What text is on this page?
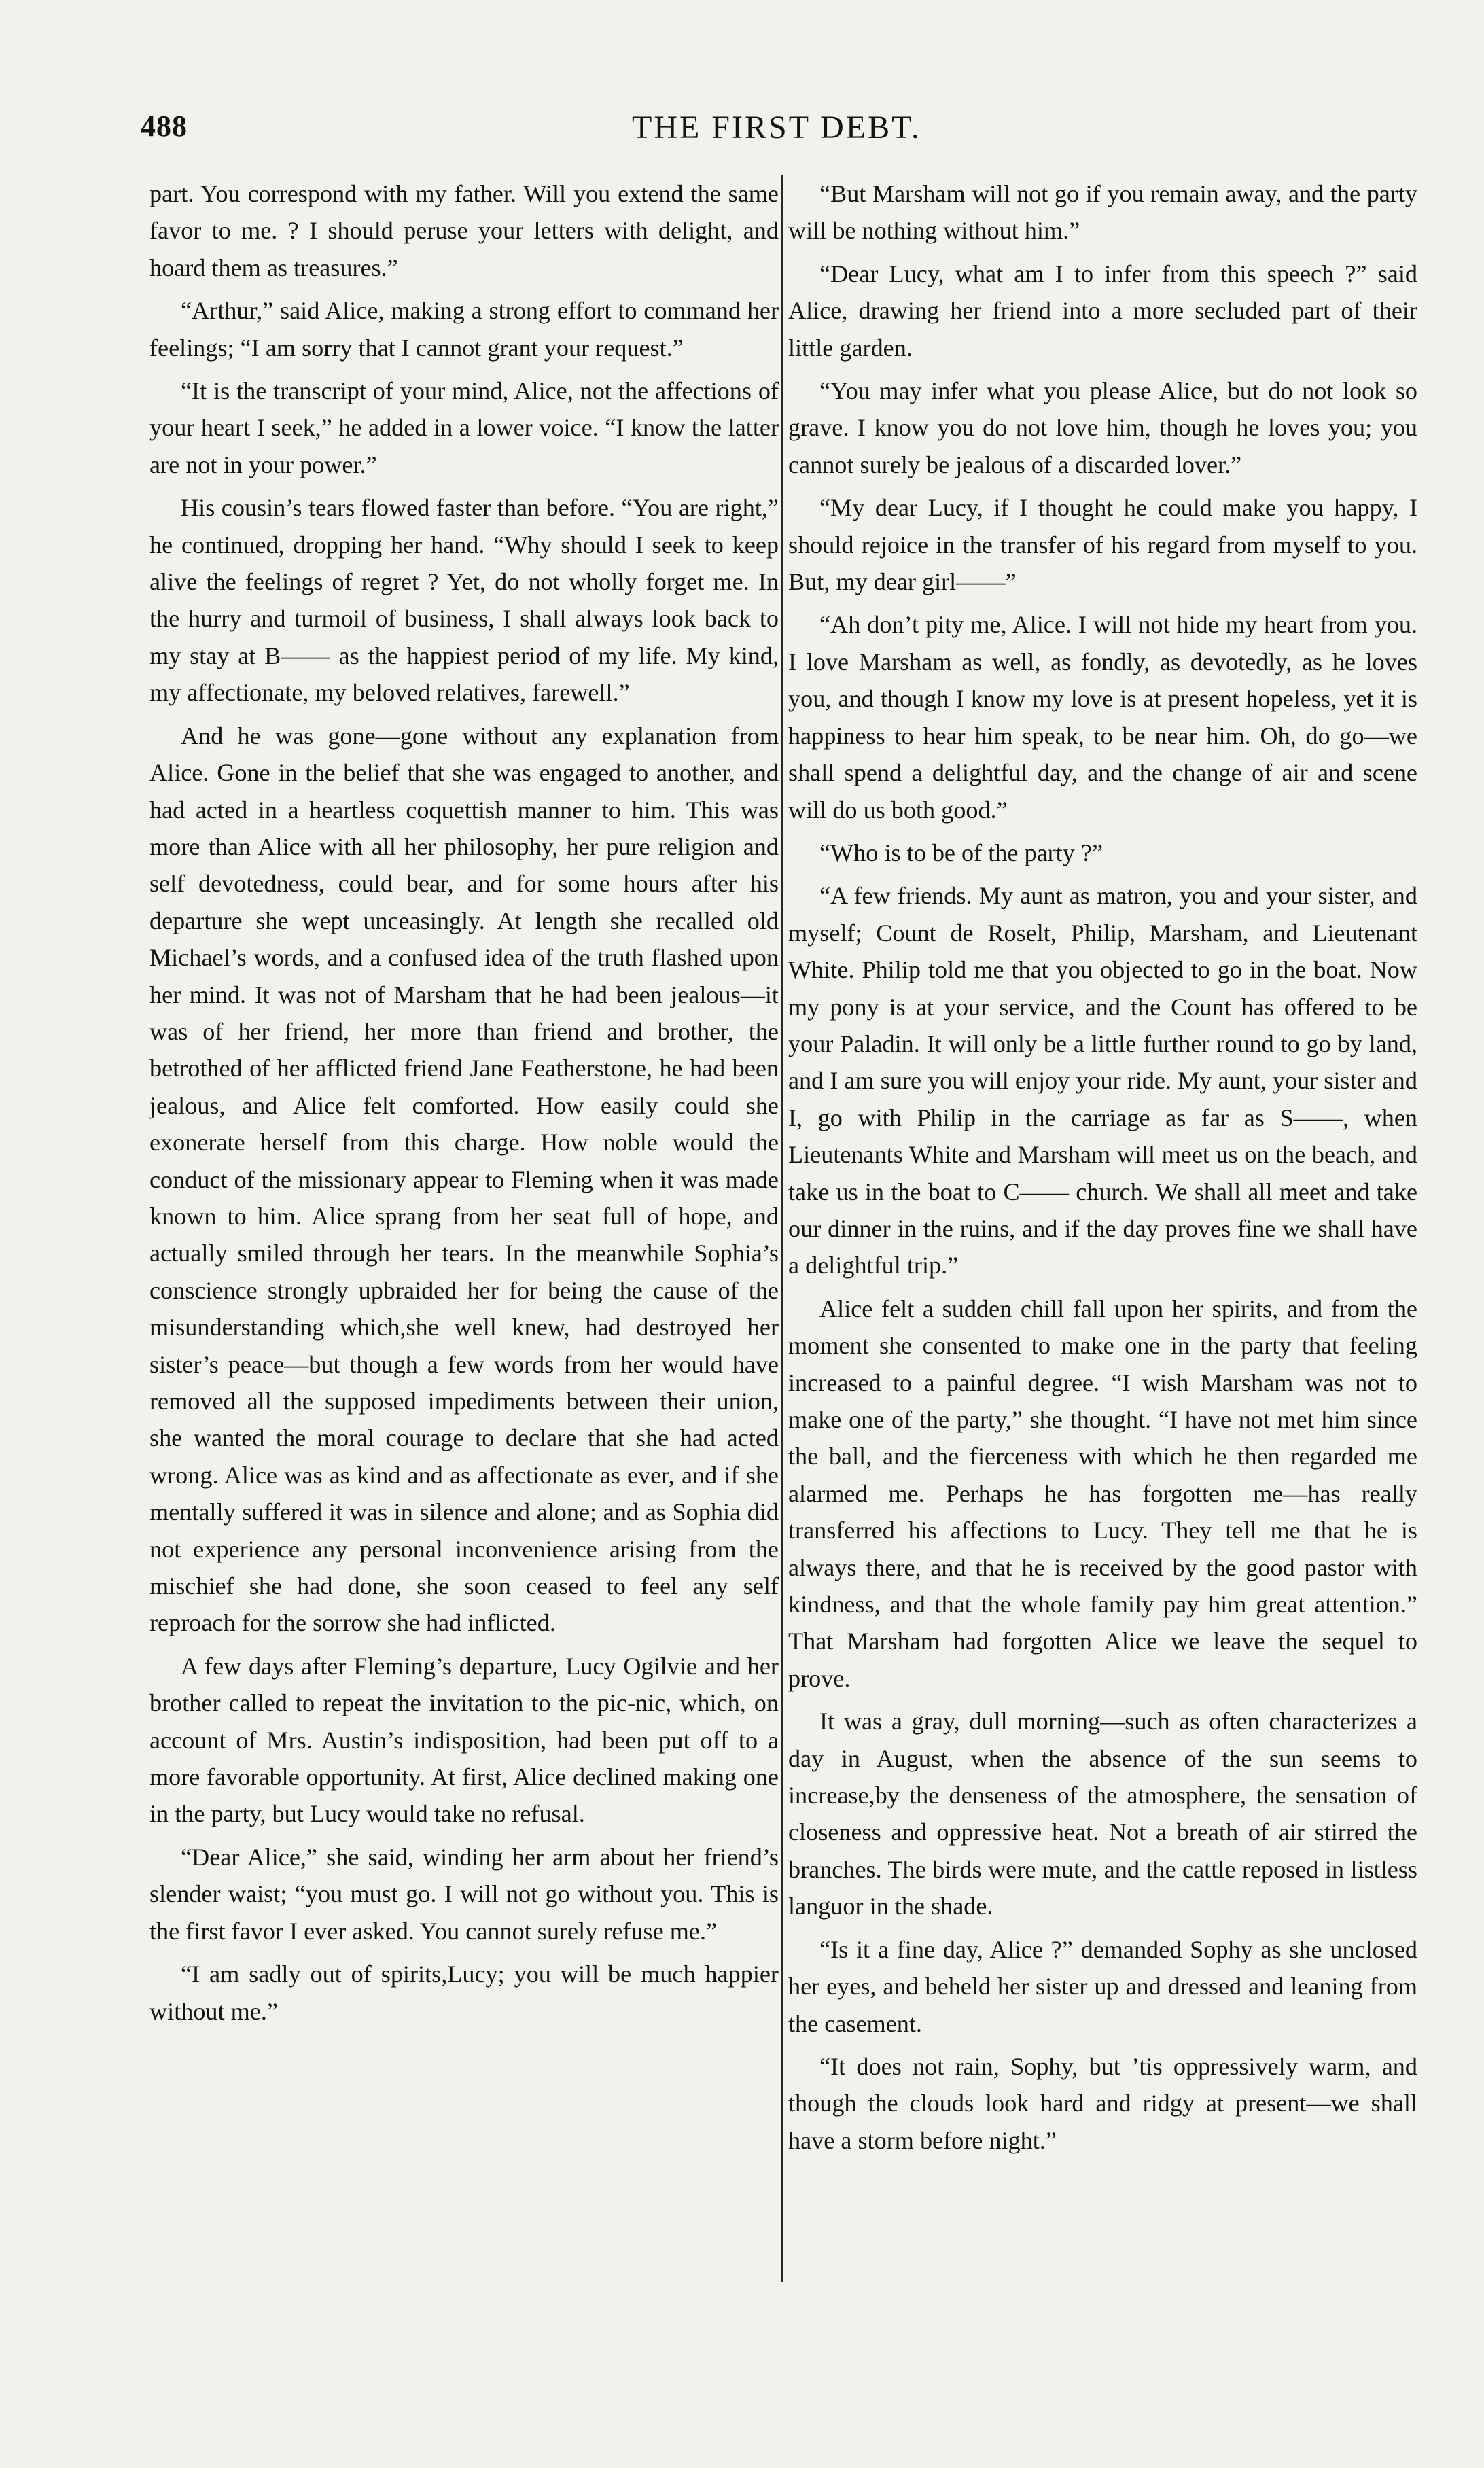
488	THE FIRST DEBT.

part. You correspond with my father. Will you extend the same favor to me. ? I should peruse your letters with delight, and hoard them as treasures.”

“Arthur,” said Alice, making a strong effort to command her feelings; “I am sorry that I cannot grant your request.”

“It is the transcript of your mind, Alice, not the affections of your heart I seek,” he added in a lower voice. “I know the latter are not in your power.”

His cousin’s tears flowed faster than before. “You are right,” he continued, dropping her hand. “Why should I seek to keep alive the feelings of regret ? Yet, do not wholly forget me. In the hurry and turmoil of business, I shall always look back to my stay at B—— as the happiest period of my life. My kind, my affectionate, my beloved relatives, farewell.”

And he was gone—gone without any explanation from Alice. Gone in the belief that she was engaged to another, and had acted in a heartless coquettish manner to him. This was more than Alice with all her philosophy, her pure religion and self devotedness, could bear, and for some hours after his departure she wept unceasingly. At length she recalled old Michael’s words, and a confused idea of the truth flashed upon her mind. It was not of Marsham that he had been jealous—it was of her friend, her more than friend and brother, the betrothed of her afflicted friend Jane Featherstone, he had been jealous, and Alice felt comforted. How easily could she exonerate herself from this charge. How noble would the conduct of the missionary appear to Fleming when it was made known to him. Alice sprang from her seat full of hope, and actually smiled through her tears. In the meanwhile Sophia’s conscience strongly upbraided her for being the cause of the misunderstanding which,she well knew, had destroyed her sister’s peace—but though a few words from her would have removed all the supposed impediments between their union, she wanted the moral courage to declare that she had acted wrong. Alice was as kind and as affectionate as ever, and if she mentally suffered it was in silence and alone; and as Sophia did not experience any personal inconvenience arising from the mischief she had done, she soon ceased to feel any self reproach for the sorrow she had inflicted.

A few days after Fleming’s departure, Lucy Ogilvie and her brother called to repeat the invitation to the pic-nic, which, on account of Mrs. Austin’s indisposition, had been put off to a more favorable opportunity. At first, Alice declined making one in the party, but Lucy would take no refusal.

“Dear Alice,” she said, winding her arm about her friend’s slender waist; “you must go. I will not go without you. This is the first favor I ever asked. You cannot surely refuse me.”

“I am sadly out of spirits,Lucy; you will be much happier without me.”

“But Marsham will not go if you remain away, and the party will be nothing without him.”

“Dear Lucy, what am I to infer from this speech ?” said Alice, drawing her friend into a more secluded part of their little garden.

“You may infer what you please Alice, but do not look so grave. I know you do not love him, though he loves you; you cannot surely be jealous of a discarded lover.”

“My dear Lucy, if I thought he could make you happy, I should rejoice in the transfer of his regard from myself to you. But, my dear girl——”

“Ah don’t pity me, Alice. I will not hide my heart from you. I love Marsham as well, as fondly, as devotedly, as he loves you, and though I know my love is at present hopeless, yet it is happiness to hear him speak, to be near him. Oh, do go—we shall spend a delightful day, and the change of air and scene will do us both good.”

“Who is to be of the party ?”

“A few friends. My aunt as matron, you and your sister, and myself; Count de Roselt, Philip, Marsham, and Lieutenant White. Philip told me that you objected to go in the boat. Now my pony is at your service, and the Count has offered to be your Paladin. It will only be a little further round to go by land, and I am sure you will enjoy your ride. My aunt, your sister and I, go with Philip in the carriage as far as S——, when Lieutenants White and Marsham will meet us on the beach, and take us in the boat to C—— church. We shall all meet and take our dinner in the ruins, and if the day proves fine we shall have a delightful trip.”

Alice felt a sudden chill fall upon her spirits, and from the moment she consented to make one in the party that feeling increased to a painful degree. “I wish Marsham was not to make one of the party,” she thought. “I have not met him since the ball, and the fierceness with which he then regarded me alarmed me. Perhaps he has forgotten me—has really transferred his affections to Lucy. They tell me that he is always there, and that he is received by the good pastor with kindness, and that the whole family pay him great attention.” That Marsham had forgotten Alice we leave the sequel to prove.

It was a gray, dull morning—such as often characterizes a day in August, when the absence of the sun seems to increase,by the denseness of the atmosphere, the sensation of closeness and oppressive heat. Not a breath of air stirred the branches. The birds were mute, and the cattle reposed in listless languor in the shade.

“Is it a fine day, Alice ?” demanded Sophy as she unclosed her eyes, and beheld her sister up and dressed and leaning from the casement.

“It does not rain, Sophy, but ’tis oppressively warm, and though the clouds look hard and ridgy at present—we shall have a storm before night.”
